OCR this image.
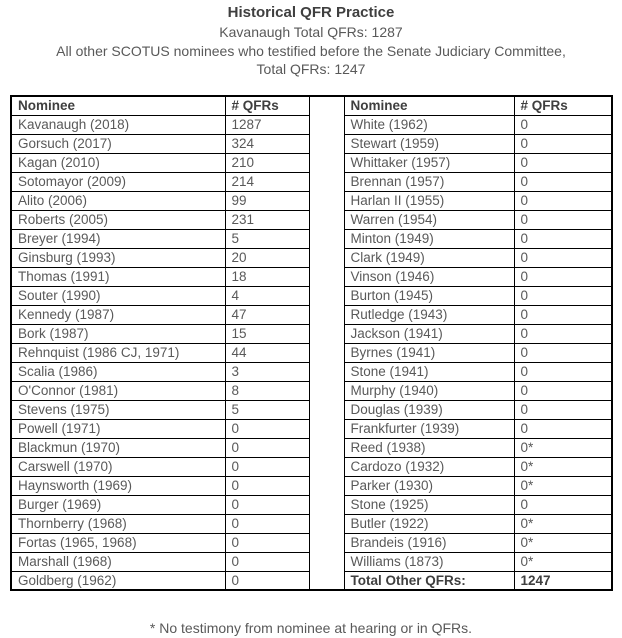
Historical QFR Practice
Kavanaugh Total QFRs: 1287
All other SCOTUS nominees who testified before the Senate Judiciary Committee,
Total QFRs: 1247
Nominee	# QFRs		Nominee	# QFRs
Kavanaugh (2018)	1287		White (1962)	0
Gorsuch (2017)	324		Stewart (1959)	0
Kagan (2010)	210		Whittaker (1957)	0
Sotomayor (2009)	214		Brennan (1957)	0
Alito (2006)	99		Harlan II (1955)	0
Roberts (2005)	231		Warren (1954)	0
Breyer (1994)	5		Minton (1949)	0
Ginsburg (1993)	20		Clark (1949)	0
Thomas (1991)	18		Vinson (1946)	0
Souter (1990)	4		Burton (1945)	0
Kennedy (1987)	47		Rutledge (1943)	0
Bork (1987)	15		Jackson (1941)	0
Rehnquist (1986 CJ, 1971)	44		Byrnes (1941)	0
Scalia (1986)	3		Stone (1941)	0
O'Connor (1981)	8		Murphy (1940)	0
Stevens (1975)	5		Douglas (1939)	0
Powell (1971)	0		Frankfurter (1939)	0
Blackmun (1970)	0		Reed (1938)	0*
Carswell (1970)	0		Cardozo (1932)	0*
Haynsworth (1969)	0		Parker (1930)	0*
Burger (1969)	0		Stone (1925)	0
Thornberry (1968)	0		Butler (1922)	0*
Fortas (1965, 1968)	0		Brandeis (1916)	0*
Marshall (1968)	0		Williams (1873)	0*
Goldberg (1962)	0		Total Other QFRs:	1247
* No testimony from nominee at hearing or in QFRs.
